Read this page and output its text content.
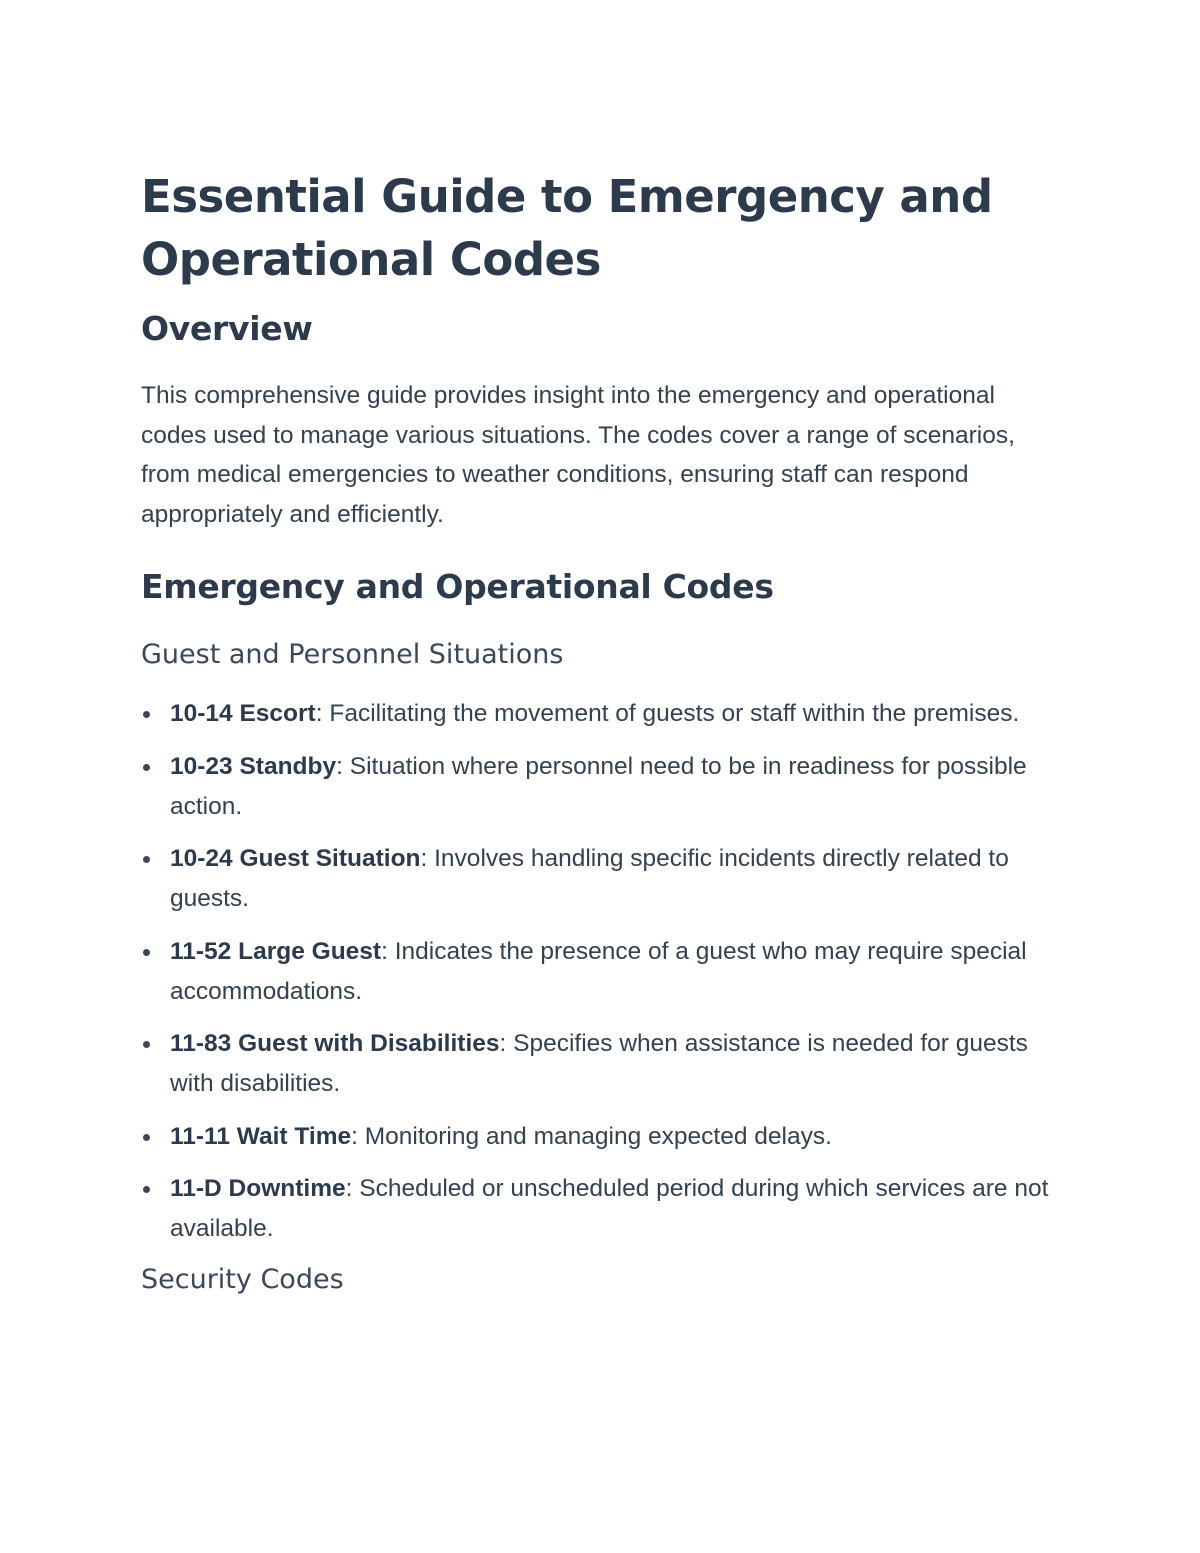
Essential Guide to Emergency and Operational Codes
Overview

This comprehensive guide provides insight into the emergency and operational codes used to manage various situations. The codes cover a range of scenarios, from medical emergencies to weather conditions, ensuring staff can respond appropriately and efficiently.

Emergency and Operational Codes
Guest and Personnel Situations
10-14 Escort: Facilitating the movement of guests or staff within the premises.
10-23 Standby: Situation where personnel need to be in readiness for possible action.
10-24 Guest Situation: Involves handling specific incidents directly related to guests.
11-52 Large Guest: Indicates the presence of a guest who may require special accommodations.
11-83 Guest with Disabilities: Specifies when assistance is needed for guests with disabilities.
11-11 Wait Time: Monitoring and managing expected delays.
11-D Downtime: Scheduled or unscheduled period during which services are not available.
Security Codes
